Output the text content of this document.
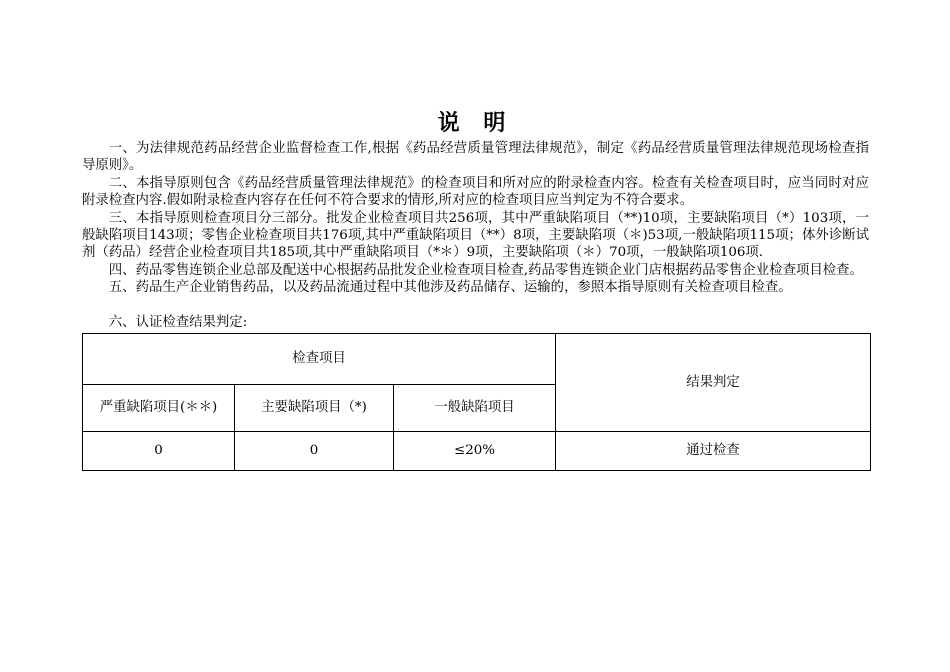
说 明

一、为法律规范药品经营企业监督检查工作,根据《药品经营质量管理法律规范》，制定《药品经营质量管理法律规范现场检查指导原则》。

二、本指导原则包含《药品经营质量管理法律规范》的检查项目和所对应的附录检查内容。检查有关检查项目时，应当同时对应附录检查内容.假如附录检查内容存在任何不符合要求的情形,所对应的检查项目应当判定为不符合要求。

三、本指导原则检查项目分三部分。批发企业检查项目共256项，其中严重缺陷项目（**)10项，主要缺陷项目（*）103项，一般缺陷项目143项；零售企业检查项目共176项,其中严重缺陷项目（**）8项，主要缺陷项（＊)53项,一般缺陷项115项；体外诊断试剂（药品）经营企业检查项目共185项,其中严重缺陷项目（*＊）9项，主要缺陷项（＊）70项，一般缺陷项106项.

四、药品零售连锁企业总部及配送中心根据药品批发企业检查项目检查,药品零售连锁企业门店根据药品零售企业检查项目检查。

五、药品生产企业销售药品，以及药品流通过程中其他涉及药品储存、运输的，参照本指导原则有关检查项目检查。

六、认证检查结果判定:

检查项目			结果判定
严重缺陷项目(＊＊)	主要缺陷项目（*)	一般缺陷项目	
0	0	≤20%	通过检查
